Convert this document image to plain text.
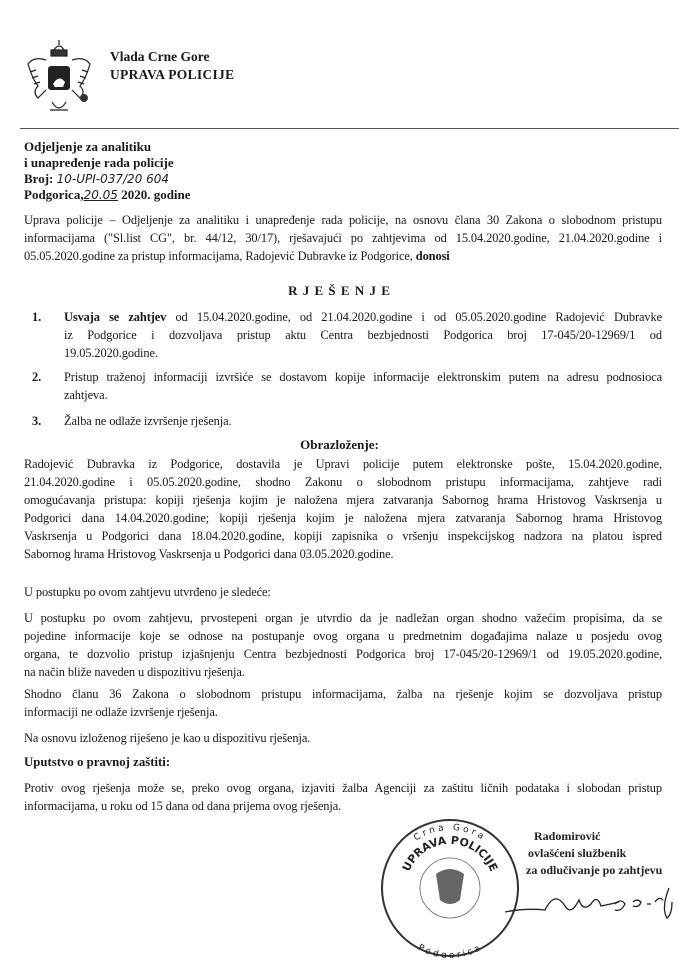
Vlada Crne Gore
UPRAVA POLICIJE
Odjeljenje za analitiku
i unapređenje rada policije
Broj: 10-UPI-037/20 604
Podgorica,20.05 2020. godine
Uprava policije – Odjeljenje za analitiku i unapređenje rada policije, na osnovu člana 30 Zakona o slobodnom pristupu
informacijama ("Sl.list CG", br. 44/12, 30/17), rješavajući po zahtjevima od 15.04.2020.godine, 21.04.2020.godine i
05.05.2020.godine za pristup informacijama, Radojević Dubravke iz Podgorice, donosi
R J E Š E N J E
1. Usvaja se zahtjev od 15.04.2020.godine, od 21.04.2020.godine i od 05.05.2020.godine Radojević Dubravke
iz Podgorice i dozvoljava pristup aktu Centra bezbjednosti Podgorica broj 17-045/20-12969/1 od
19.05.2020.godine.
2. Pristup traženoj informaciji izvršiće se dostavom kopije informacije elektronskim putem na adresu podnosioca
zahtjeva.
3. Žalba ne odlaže izvršenje rješenja.
Obrazloženje:
Radojević Dubravka iz Podgorice, dostavila je Upravi policije putem elektronske pošte, 15.04.2020.godine,
21.04.2020.godine i 05.05.2020.godine, shodno Zakonu o slobodnom pristupu informacijama, zahtjeve radi
omogućavanja pristupa: kopiji rješenja kojim je naložena mjera zatvaranja Sabornog hrama Hristovog Vaskrsenja u
Podgorici dana 14.04.2020.godine; kopiji rješenja kojim je naložena mjera zatvaranja Sabornog hrama Hristovog
Vaskrsenja u Podgorici dana 18.04.2020.godine, kopiji zapisnika o vršenju inspekcijskog nadzora na platou ispred
Sabornog hrama Hristovog Vaskrsenja u Podgorici dana 03.05.2020.godine.
U postupku po ovom zahtjevu utvrđeno je sledeće:
U postupku po ovom zahtjevu, prvostepeni organ je utvrdio da je nadležan organ shodno važećim propisima, da se
pojedine informacije koje se odnose na postupanje ovog organa u predmetnim događajima nalaze u posjedu ovog
organa, te dozvolio pristup izjašnjenju Centra bezbjednosti Podgorica broj 17-045/20-12969/1 od 19.05.2020.godine,
na način bliže naveden u dispozitivu rješenja.
Shodno članu 36 Zakona o slobodnom pristupu informacijama, žalba na rješenje kojim se dozvoljava pristup
informaciji ne odlaže izvršenje rješenja.
Na osnovu izloženog riješeno je kao u dispozitivu rješenja.
Uputstvo o pravnoj zaštiti:
Protiv ovog rješenja može se, preko ovog organa, izjaviti žalba Agenciji za zaštitu ličnih podataka i slobodan pristup
informacijama, u roku od 15 dana od dana prijema ovog rješenja.
Crna Gora
UPRAVA POLICIJE
Podgorica
Radomirović
ovlašćeni službenik
za odlučivanje po zahtjevu
